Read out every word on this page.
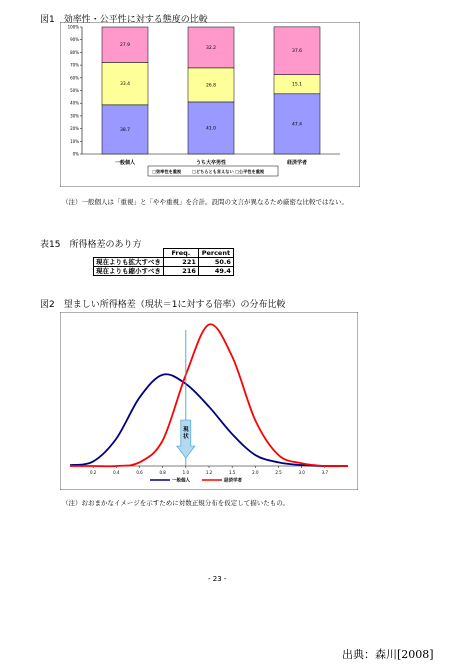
図1　効率性・公平性に対する態度の比較
0%
10%
20%
30%
40%
50%
60%
70%
80%
90%
100%
38.7
33.4
27.9
41.0
26.8
32.2
47.4
15.1
37.6
一般個人	うち大卒男性	経済学者
□効率性を重視	□どちらとも言えない □公平性を重視
（注）一般個人は「重視」と「やや重視」を合計。設問の文言が異なるため厳密な比較ではない。
表15　所得格差のあり方
	Freq.	Percent
現在よりも拡大すべき	221	50.6
現在よりも縮小すべき	216	49.4
図2　望ましい所得格差（現状＝1に対する倍率）の分布比較
0.2	0.4	0.6	0.8	1.0	1.2	1.5	2.0	2.5	3.0	3.7
現
状
一般個人	経済学者
（注）おおまかなイメージを示すために対数正規分布を仮定して描いたもの。
- 23 -
出典：森川[2008]
